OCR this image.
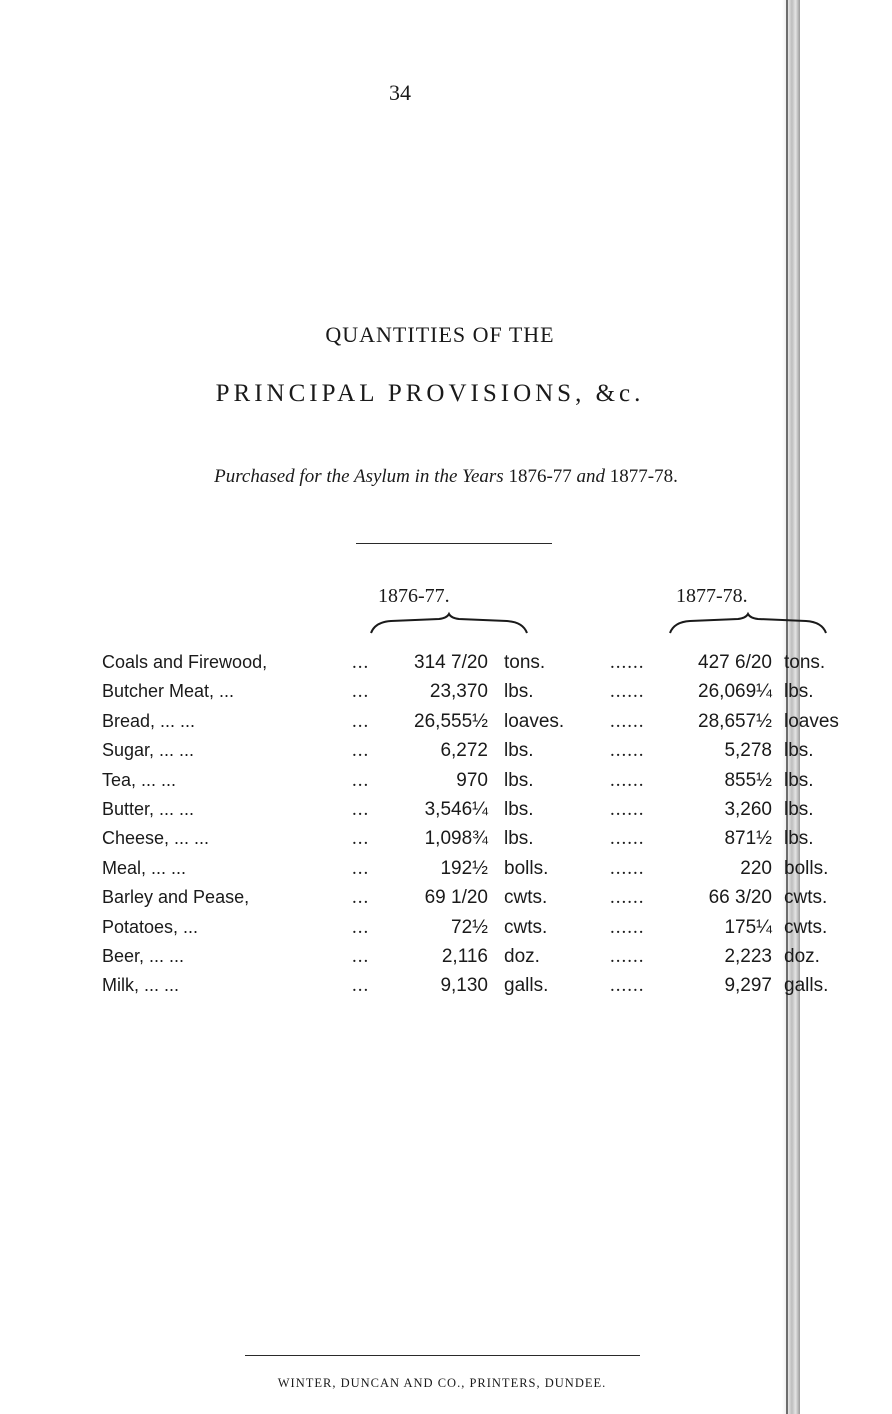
34
QUANTITIES OF THE
PRINCIPAL PROVISIONS, &c.
Purchased for the Asylum in the Years 1876-77 and 1877-78.
1876-77.	1877-78.
Coals and Firewood,	...	314 7/20 tons.	......	427 6/20 tons.
Butcher Meat, ...	...	23,370 lbs.	......	26,069¼ lbs.
Bread, ... ...	...	26,555½ loaves. ......	28,657½ loaves
Sugar, ... ...	...	6,272 lbs.	......	5,278 lbs.
Tea, ... ...	...	970 lbs.	......	855½ lbs.
Butter, ... ...	...	3,546¼ lbs.	......	3,260 lbs.
Cheese, ... ...	...	1,098¾ lbs.	......	871½ lbs.
Meal, ... ...	...	192½ bolls.	......	220 bolls.
Barley and Pease,	...	69 1/20 cwts.	......	66 3/20 cwts.
Potatoes, ...	...	72½ cwts.	......	175¼ cwts.
Beer, ... ...	...	2,116 doz.	......	2,223 doz.
Milk, ... ...	...	9,130 galls.	......	9,297 galls.
WINTER, DUNCAN AND CO., PRINTERS, DUNDEE.
